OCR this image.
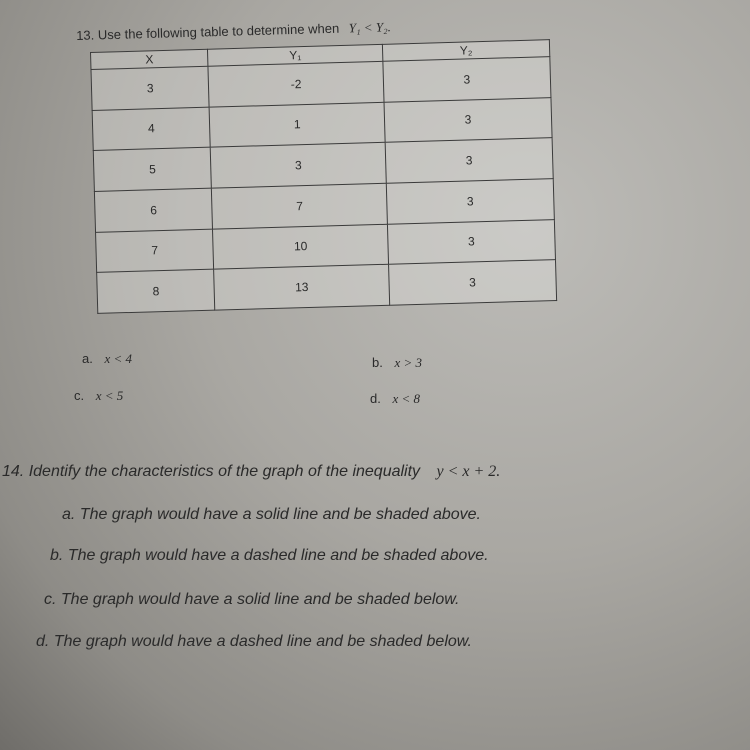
13. Use the following table to determine when Y₁ < Y₂.
X	Y₁	Y₂
3	-2	3
4	1	3
5	3	3
6	7	3
7	10	3
8	13	3
a. x < 4	b. x > 3
c. x < 5	d. x < 8
14. Identify the characteristics of the graph of the inequality y < x + 2.
a. The graph would have a solid line and be shaded above.
b. The graph would have a dashed line and be shaded above.
c. The graph would have a solid line and be shaded below.
d. The graph would have a dashed line and be shaded below.
